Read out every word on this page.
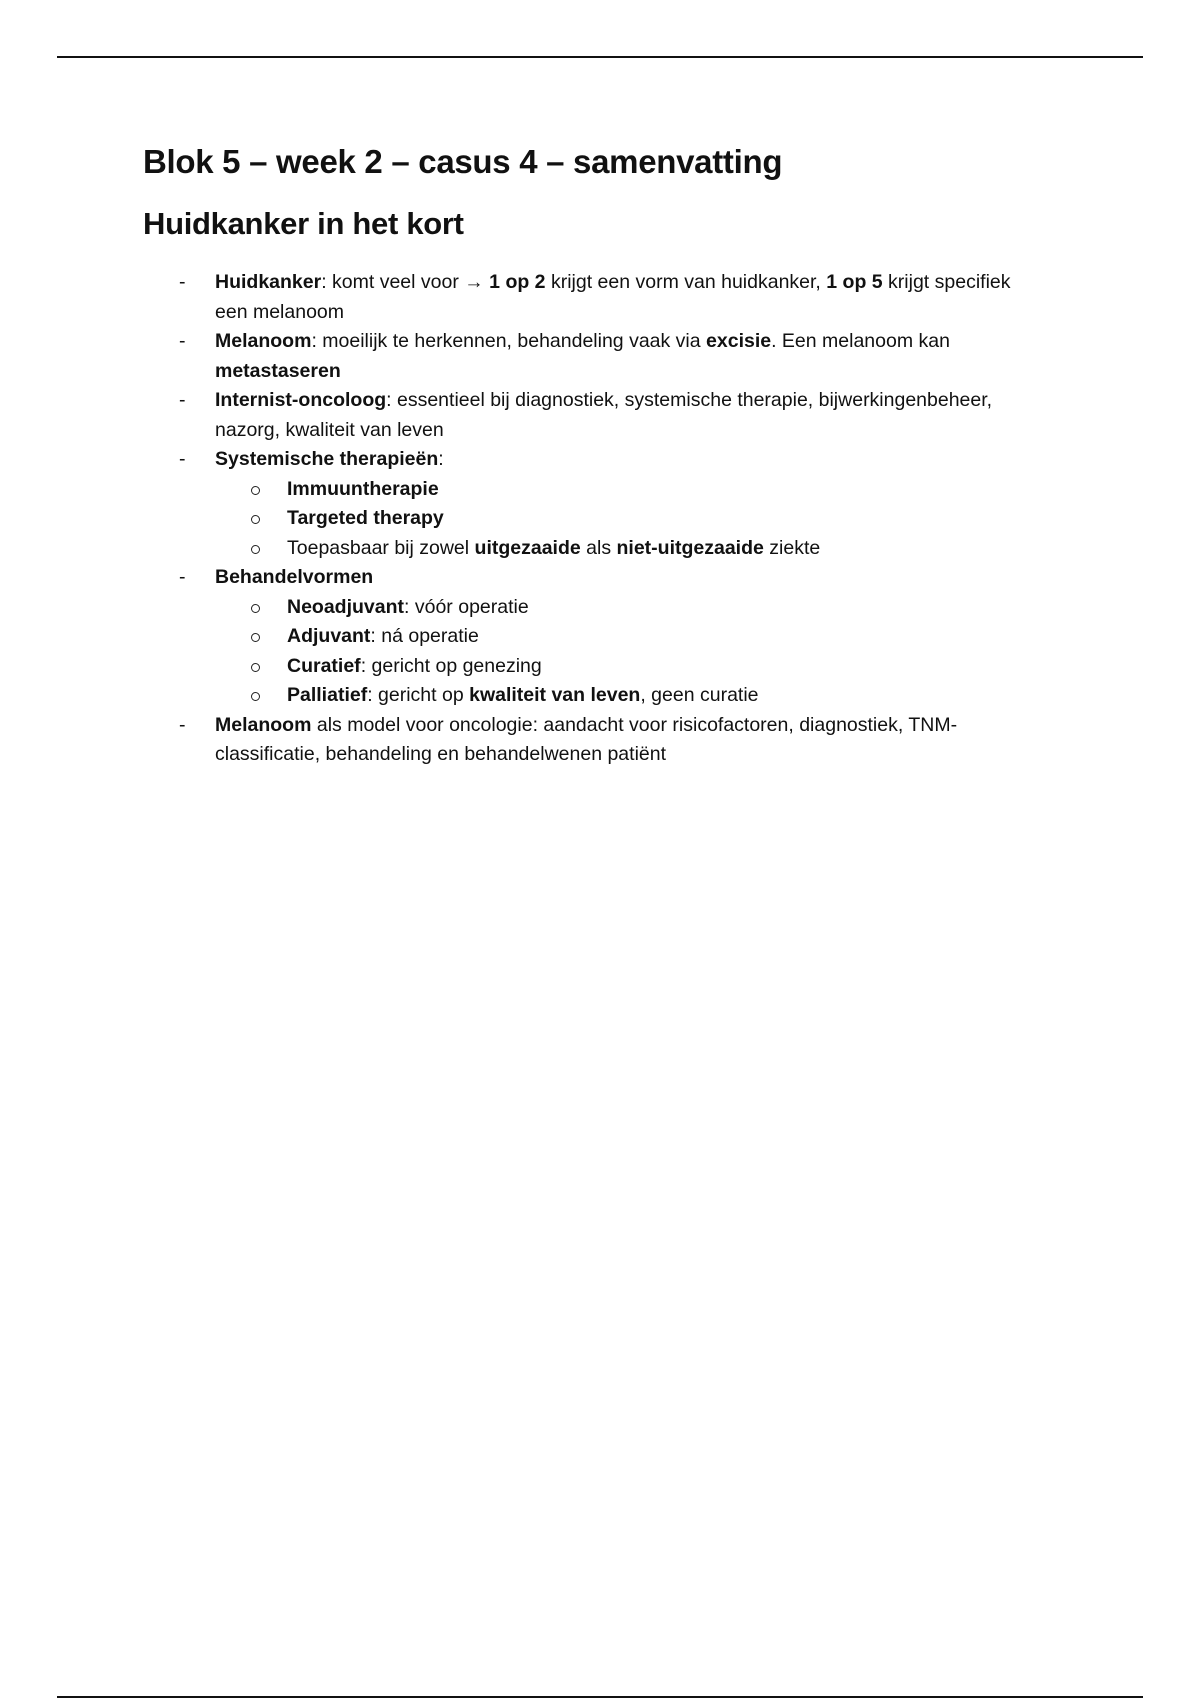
Blok 5 – week 2 – casus 4 – samenvatting
Huidkanker in het kort
-	Huidkanker: komt veel voor → 1 op 2 krijgt een vorm van huidkanker, 1 op 5 krijgt specifiek een melanoom
-	Melanoom: moeilijk te herkennen, behandeling vaak via excisie. Een melanoom kan metastaseren
-	Internist-oncoloog: essentieel bij diagnostiek, systemische therapie, bijwerkingenbeheer, nazorg, kwaliteit van leven
-	Systemische therapieën:
Immuuntherapie
Targeted therapy
Toepasbaar bij zowel uitgezaaide als niet-uitgezaaide ziekte
-	Behandelvormen
Neoadjuvant: vóór operatie
Adjuvant: ná operatie
Curatief: gericht op genezing
Palliatief: gericht op kwaliteit van leven, geen curatie
-	Melanoom als model voor oncologie: aandacht voor risicofactoren, diagnostiek, TNM-classificatie, behandeling en behandelwenen patiënt
